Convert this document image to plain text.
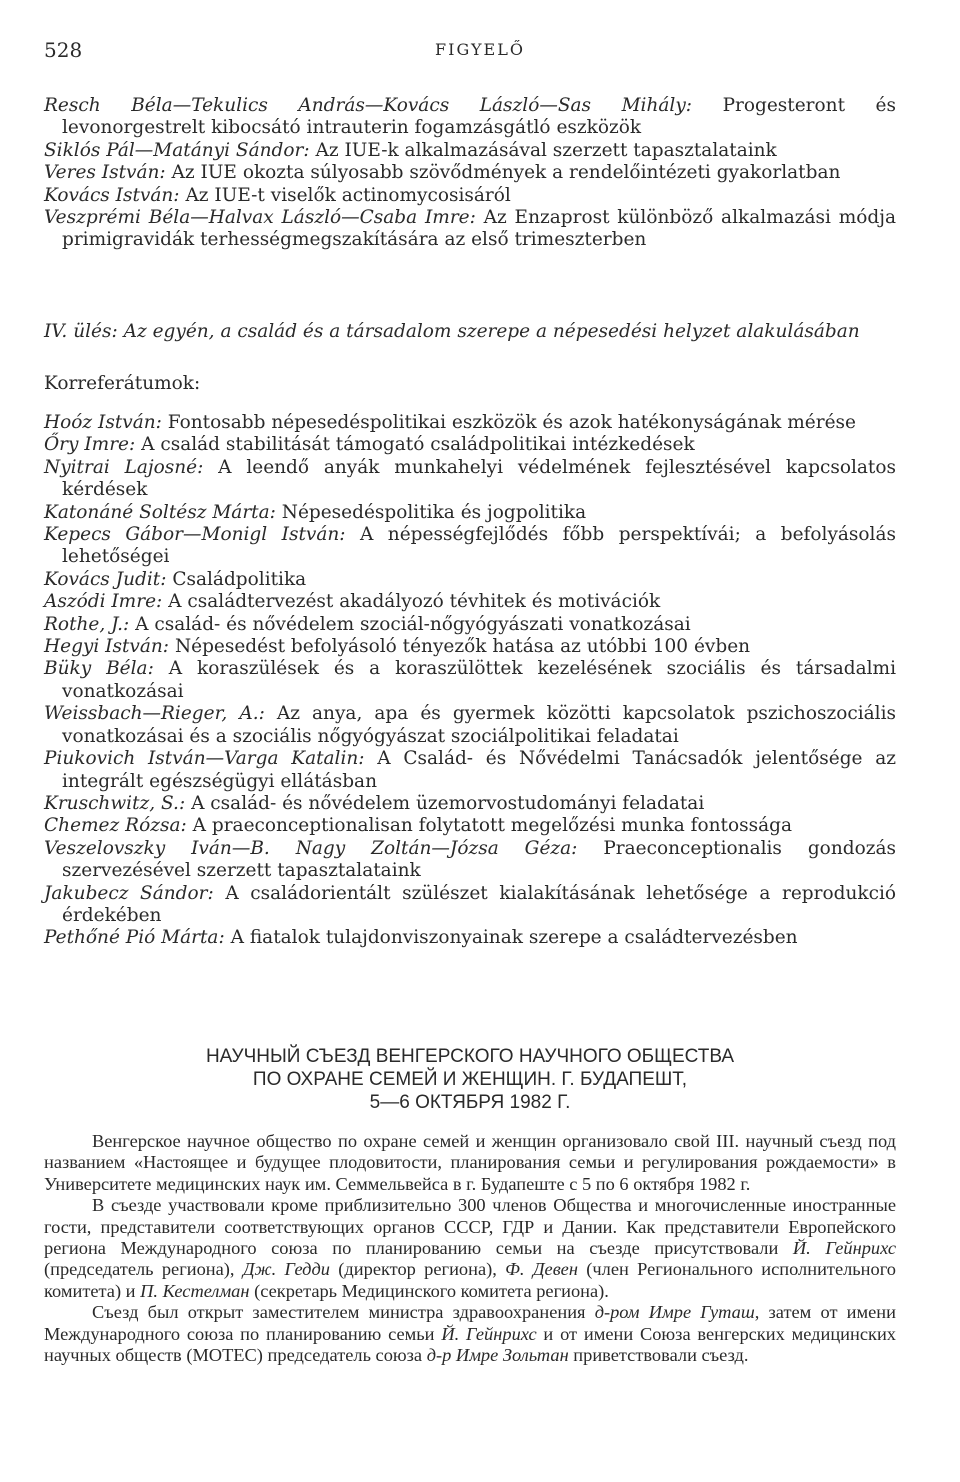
528	FIGYELŐ
Resch Béla—Tekulics András—Kovács László—Sas Mihály: Progesteront és levonorgestrelt kibocsátó intrauterin fogamzásgátló eszközök
Siklós Pál—Matányi Sándor: Az IUE-k alkalmazásával szerzett tapasztalataink
Veres István: Az IUE okozta súlyosabb szövődmények a rendelőintézeti gyakorlatban
Kovács István: Az IUE-t viselők actinomycosisáról
Veszprémi Béla—Halvax László—Csaba Imre: Az Enzaprost különböző alkalmazási módja primigravidák terhességmegszakítására az első trimeszterben
IV. ülés: Az egyén, a család és a társadalom szerepe a népesedési helyzet alakulásában
Korreferátumok:
Hoóz István: Fontosabb népesedéspolitikai eszközök és azok hatékonyságának mérése
Őry Imre: A család stabilitását támogató családpolitikai intézkedések
Nyitrai Lajosné: A leendő anyák munkahelyi védelmének fejlesztésével kapcsolatos kérdések
Katonáné Soltész Márta: Népesedéspolitika és jogpolitika
Kepecs Gábor—Monigl István: A népességfejlődés főbb perspektívái; a befolyásolás lehetőségei
Kovács Judit: Családpolitika
Aszódi Imre: A családtervezést akadályozó tévhitek és motivációk
Rothe, J.: A család- és nővédelem szociál-nőgyógyászati vonatkozásai
Hegyi István: Népesedést befolyásoló tényezők hatása az utóbbi 100 évben
Büky Béla: A koraszülések és a koraszülöttek kezelésének szociális és társadalmi vonatkozásai
Weissbach—Rieger, A.: Az anya, apa és gyermek közötti kapcsolatok pszichoszociális vonatkozásai és a szociális nőgyógyászat szociálpolitikai feladatai
Piukovich István—Varga Katalin: A Család- és Nővédelmi Tanácsadók jelentősége az integrált egészségügyi ellátásban
Kruschwitz, S.: A család- és nővédelem üzemorvostudományi feladatai
Chemez Rózsa: A praeconceptionalisan folytatott megelőzési munka fontossága
Veszelovszky Iván—B. Nagy Zoltán—Józsa Géza: Praeconceptionalis gondozás szervezésével szerzett tapasztalataink
Jakubecz Sándor: A családorientált szülészet kialakításának lehetősége a reprodukció érdekében
Pethőné Pió Márta: A fiatalok tulajdonviszonyainak szerepe a családtervezésben
НАУЧНЫЙ СЪЕЗД ВЕНГЕРСКОГО НАУЧНОГО ОБЩЕСТВА
ПО ОХРАНЕ СЕМЕЙ И ЖЕНЩИН. Г. БУДАПЕШТ,
5—6 ОКТЯБРЯ 1982 Г.

Венгерское научное общество по охране семей и женщин организовало свой III. научный съезд под названием «Настоящее и будущее плодовитости, планирования семьи и регулирования рождаемости» в Университете медицинских наук им. Семмельвейса в г. Будапеште с 5 по 6 октября 1982 г.

В съезде участвовали кроме приблизительно 300 членов Общества и многочисленные иностранные гости, представители соответствующих органов СССР, ГДР и Дании. Как представители Европейского региона Международного союза по планированию семьи на съезде присутствовали Й. Гейнрихс (председатель региона), Дж. Гедди (директор региона), Ф. Девен (член Регионального исполнительного комитета) и П. Кестелман (секретарь Медицинского комитета региона).

Съезд был открыт заместителем министра здравоохранения д-ром Имре Гуташ, затем от имени Международного союза по планированию семьи Й. Гейнрихс и от имени Союза венгерских медицинских научных обществ (МОТЕС) председатель союза д-р Имре Зольтан приветствовали съезд.
